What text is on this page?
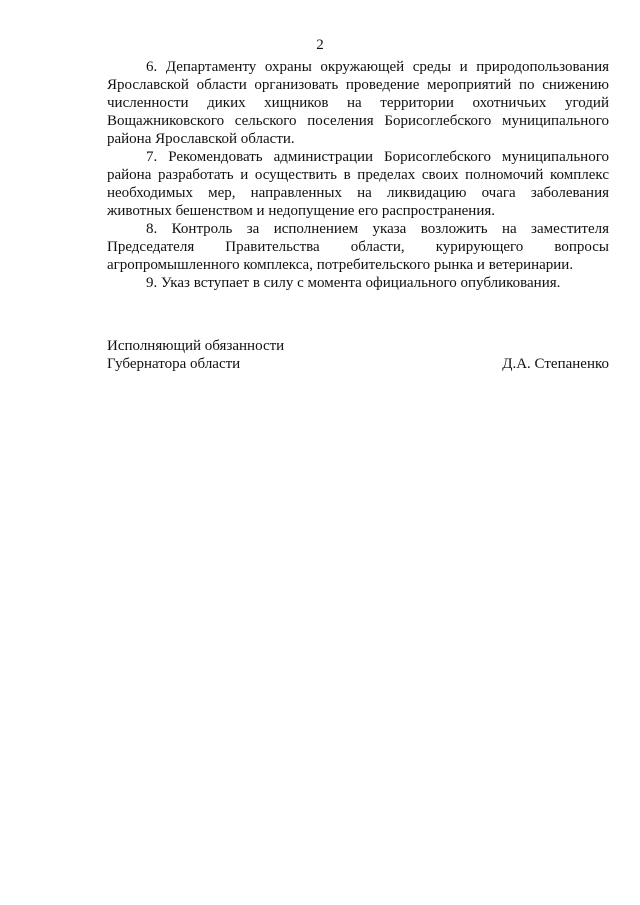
2

6. Департаменту охраны окружающей среды и природопользования
Ярославской области организовать проведение мероприятий по снижению
численности диких хищников на территории охотничьих угодий
Вощажниковского сельского поселения Борисоглебского муниципального
района Ярославской области.

7. Рекомендовать администрации Борисоглебского муниципального
района разработать и осуществить в пределах своих полномочий комплекс
необходимых мер, направленных на ликвидацию очага заболевания
животных бешенством и недопущение его распространения.

8. Контроль за исполнением указа возложить на заместителя
Председателя Правительства области, курирующего вопросы
агропромышленного комплекса, потребительского рынка и ветеринарии.

9. Указ вступает в силу с момента официального опубликования.

Исполняющий обязанности
Губернатора области	Д.А. Степаненко
